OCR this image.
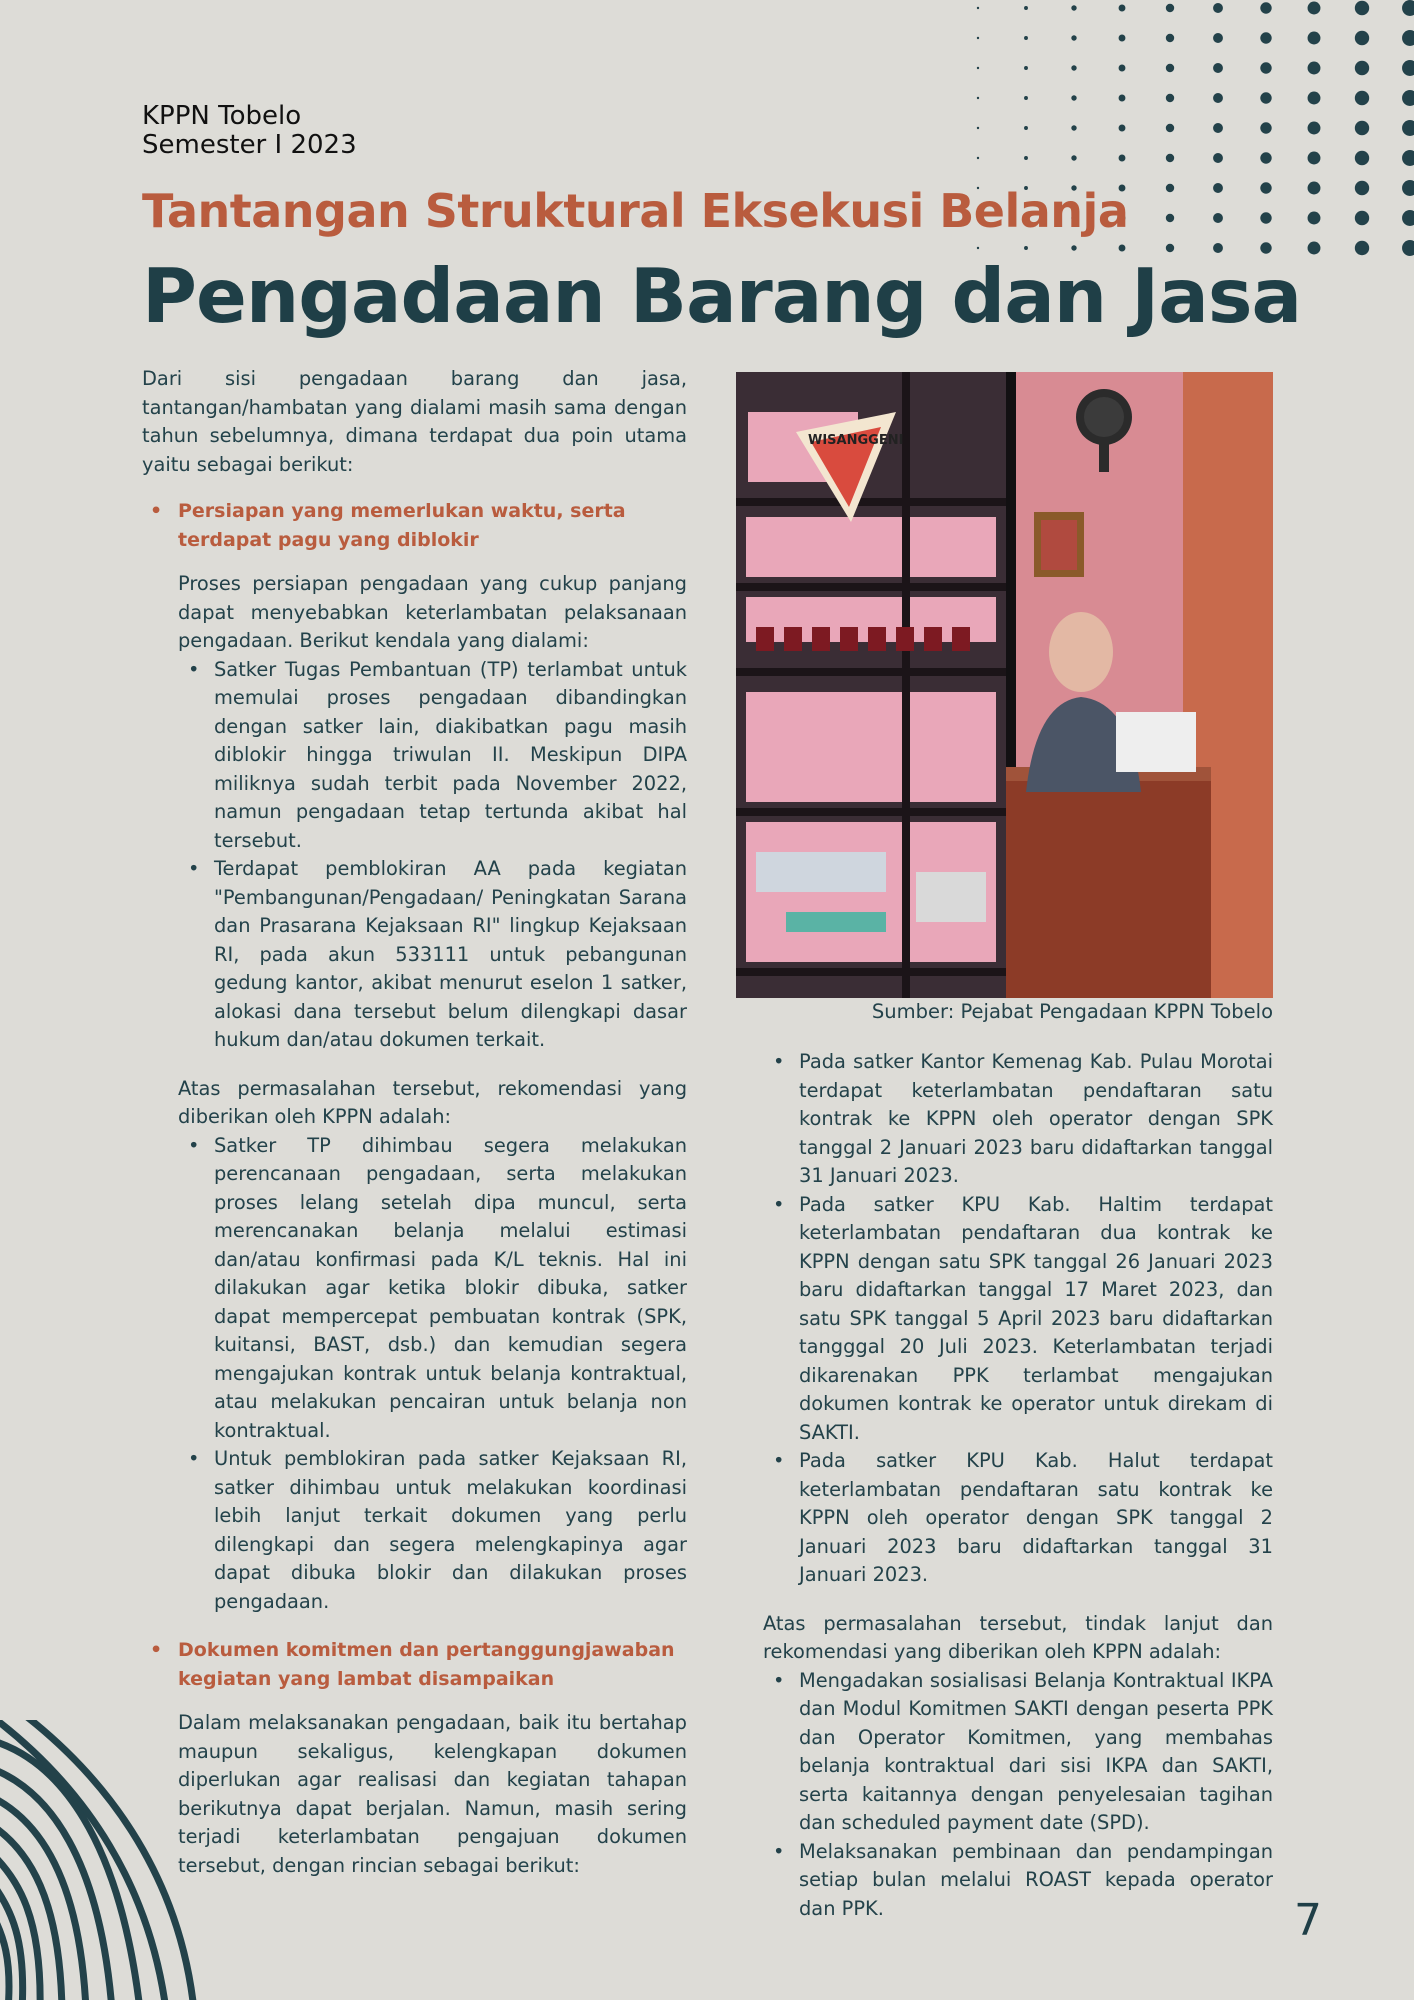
KPPN Tobelo
Semester I 2023
Tantangan Struktural Eksekusi Belanja
Pengadaan Barang dan Jasa

Dari sisi pengadaan barang dan jasa, tantangan/hambatan yang dialami masih sama dengan tahun sebelumnya, dimana terdapat dua poin utama yaitu sebagai berikut:

• Persiapan yang memerlukan waktu, serta terdapat pagu yang diblokir

Proses persiapan pengadaan yang cukup panjang dapat menyebabkan keterlambatan pelaksanaan pengadaan. Berikut kendala yang dialami:

• Satker Tugas Pembantuan (TP) terlambat untuk memulai proses pengadaan dibandingkan dengan satker lain, diakibatkan pagu masih diblokir hingga triwulan II. Meskipun DIPA miliknya sudah terbit pada November 2022, namun pengadaan tetap tertunda akibat hal tersebut.
• Terdapat pemblokiran AA pada kegiatan "Pembangunan/Pengadaan/ Peningkatan Sarana dan Prasarana Kejaksaan RI" lingkup Kejaksaan RI, pada akun 533111 untuk pebangunan gedung kantor, akibat menurut eselon 1 satker, alokasi dana tersebut belum dilengkapi dasar hukum dan/atau dokumen terkait.

Atas permasalahan tersebut, rekomendasi yang diberikan oleh KPPN adalah:

• Satker TP dihimbau segera melakukan perencanaan pengadaan, serta melakukan proses lelang setelah dipa muncul, serta merencanakan belanja melalui estimasi dan/atau konfirmasi pada K/L teknis. Hal ini dilakukan agar ketika blokir dibuka, satker dapat mempercepat pembuatan kontrak (SPK, kuitansi, BAST, dsb.) dan kemudian segera mengajukan kontrak untuk belanja kontraktual, atau melakukan pencairan untuk belanja non kontraktual.
• Untuk pemblokiran pada satker Kejaksaan RI, satker dihimbau untuk melakukan koordinasi lebih lanjut terkait dokumen yang perlu dilengkapi dan segera melengkapinya agar dapat dibuka blokir dan dilakukan proses pengadaan.
• Dokumen komitmen dan pertanggungjawaban kegiatan yang lambat disampaikan

Dalam melaksanakan pengadaan, baik itu bertahap maupun sekaligus, kelengkapan dokumen diperlukan agar realisasi dan kegiatan tahapan berikutnya dapat berjalan. Namun, masih sering terjadi keterlambatan pengajuan dokumen tersebut, dengan rincian sebagai berikut:

WISANGGENI
Sumber: Pejabat Pengadaan KPPN Tobelo
• Pada satker Kantor Kemenag Kab. Pulau Morotai terdapat keterlambatan pendaftaran satu kontrak ke KPPN oleh operator dengan SPK tanggal 2 Januari 2023 baru didaftarkan tanggal 31 Januari 2023.
• Pada satker KPU Kab. Haltim terdapat keterlambatan pendaftaran dua kontrak ke KPPN dengan satu SPK tanggal 26 Januari 2023 baru didaftarkan tanggal 17 Maret 2023, dan satu SPK tanggal 5 April 2023 baru didaftarkan tangggal 20 Juli 2023. Keterlambatan terjadi dikarenakan PPK terlambat mengajukan dokumen kontrak ke operator untuk direkam di SAKTI.
• Pada satker KPU Kab. Halut terdapat keterlambatan pendaftaran satu kontrak ke KPPN oleh operator dengan SPK tanggal 2 Januari 2023 baru didaftarkan tanggal 31 Januari 2023.

Atas permasalahan tersebut, tindak lanjut dan rekomendasi yang diberikan oleh KPPN adalah:

• Mengadakan sosialisasi Belanja Kontraktual IKPA dan Modul Komitmen SAKTI dengan peserta PPK dan Operator Komitmen, yang membahas belanja kontraktual dari sisi IKPA dan SAKTI, serta kaitannya dengan penyelesaian tagihan dan scheduled payment date (SPD).
• Melaksanakan pembinaan dan pendampingan setiap bulan melalui ROAST kepada operator dan PPK.	7
